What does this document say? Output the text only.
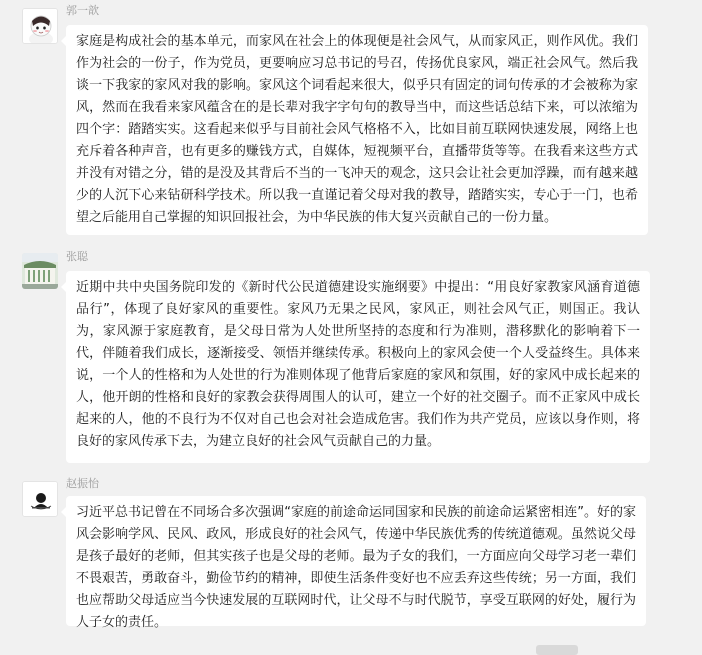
郭一歆
家庭是构成社会的基本单元，而家风在社会上的体现便是社会风气，从而家风正，则作风优。我们作为社会的一份子，作为党员，更要响应习总书记的号召，传扬优良家风，端正社会风气。然后我谈一下我家的家风对我的影响。家风这个词看起来很大，似乎只有固定的词句传承的才会被称为家风，然而在我看来家风蕴含在的是长辈对我字字句句的教导当中，而这些话总结下来，可以浓缩为四个字：踏踏实实。这看起来似乎与目前社会风气格格不入，比如目前互联网快速发展，网络上也充斥着各种声音，也有更多的赚钱方式，自媒体，短视频平台，直播带货等等。在我看来这些方式并没有对错之分，错的是没及其背后不当的一飞冲天的观念，这只会让社会更加浮躁，而有越来越少的人沉下心来钻研科学技术。所以我一直谨记着父母对我的教导，踏踏实实，专心于一门，也希望之后能用自己掌握的知识回报社会，为中华民族的伟大复兴贡献自己的一份力量。
张聪
近期中共中央国务院印发的《新时代公民道德建设实施纲要》中提出：“用良好家教家风涵育道德品行”，体现了良好家风的重要性。家风乃无果之民风，家风正，则社会风气正，则国正。我认为，家风源于家庭教育，是父母日常为人处世所坚持的态度和行为准则，潜移默化的影响着下一代，伴随着我们成长，逐渐接受、领悟并继续传承。积极向上的家风会使一个人受益终生。具体来说，一个人的性格和为人处世的行为准则体现了他背后家庭的家风和氛围，好的家风中成长起来的人，他开朗的性格和良好的家教会获得周围人的认可，建立一个好的社交圈子。而不正家风中成长起来的人，他的不良行为不仅对自己也会对社会造成危害。我们作为共产党员，应该以身作则，将良好的家风传承下去，为建立良好的社会风气贡献自己的力量。
赵振怡
习近平总书记曾在不同场合多次强调“家庭的前途命运同国家和民族的前途命运紧密相连”。好的家风会影响学风、民风、政风，形成良好的社会风气，传递中华民族优秀的传统道德观。虽然说父母是孩子最好的老师，但其实孩子也是父母的老师。最为子女的我们，一方面应向父母学习老一辈们不畏艰苦，勇敢奋斗，勤俭节约的精神，即使生活条件变好也不应丢弃这些传统；另一方面，我们也应帮助父母适应当今快速发展的互联网时代，让父母不与时代脱节，享受互联网的好处，履行为人子女的责任。
